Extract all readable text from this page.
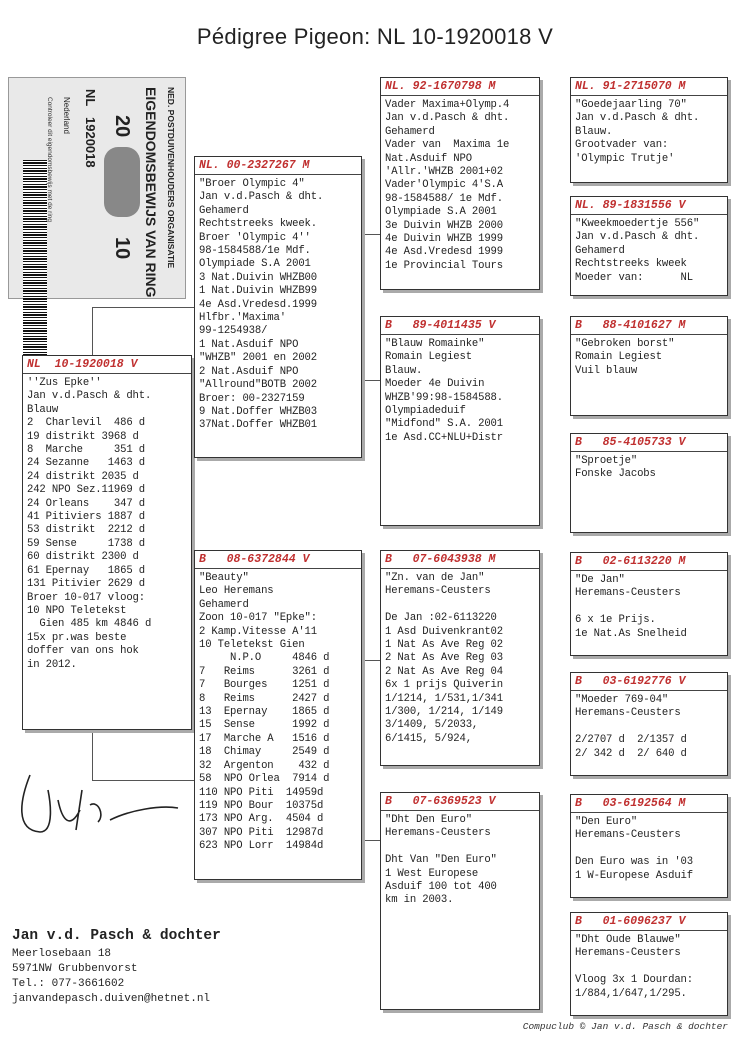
Pédigree Pigeon: NL 10-1920018 V
NED. POSTDUIVENHOUDERS ORGANISATIE
EIGENDOMSBEWIJS VAN RING
20
10
NL
1920018
Nederland
Controleer dit eigendomsbewijs met de ring
NL  10-1920018 V
''Zus Epke''
Jan v.d.Pasch & dht.
Blauw
2  Charlevil  486 d
19 distrikt 3968 d
8  Marche     351 d
24 Sezanne   1463 d
24 distrikt 2035 d
242 NPO Sez.11969 d
24 Orleans    347 d
41 Pitiviers 1887 d
53 distrikt  2212 d
59 Sense     1738 d
60 distrikt 2300 d
61 Epernay   1865 d
131 Pitivier 2629 d
Broer 10-017 vloog:
10 NPO Teletekst
Gien 485 km 4846 d
15x pr.was beste
doffer van ons hok
in 2012.
NL. 00-2327267 M
"Broer Olympic 4"
Jan v.d.Pasch & dht.
Gehamerd
Rechtstreeks kweek.
Broer 'Olympic 4''
98-1584588/1e Mdf.
Olympiade S.A 2001
3 Nat.Duivin WHZB00
1 Nat.Duivin WHZB99
4e Asd.Vredesd.1999
Hlfbr.'Maxima'
99-1254938/
1 Nat.Asduif NPO
"WHZB" 2001 en 2002
2 Nat.Asduif NPO
"Allround"BOTB 2002
Broer: 00-2327159
9 Nat.Doffer WHZB03
37Nat.Doffer WHZB01
B   08-6372844 V
"Beauty"
Leo Heremans
Gehamerd
Zoon 10-017 "Epke":
2 Kamp.Vitesse A'11
10 Teletekst Gien
N.P.O     4846 d
7   Reims      3261 d
7   Bourges    1251 d
8   Reims      2427 d
13  Epernay    1865 d
15  Sense      1992 d
17  Marche A   1516 d
18  Chimay     2549 d
32  Argenton    432 d
58  NPO Orlea  7914 d
110 NPO Piti  14959d
119 NPO Bour  10375d
173 NPO Arg.  4504 d
307 NPO Piti  12987d
623 NPO Lorr  14984d
NL. 92-1670798 M
Vader Maxima+Olymp.4
Jan v.d.Pasch & dht.
Gehamerd
Vader van  Maxima 1e
Nat.Asduif NPO
'Allr.'WHZB 2001+02
Vader'Olympic 4'S.A
98-1584588/ 1e Mdf.
Olympiade S.A 2001
3e Duivin WHZB 2000
4e Duivin WHZB 1999
4e Asd.Vredesd 1999
1e Provincial Tours
B   89-4011435 V
"Blauw Romainke"
Romain Legiest
Blauw.
Moeder 4e Duivin
WHZB'99:98-1584588.
Olympiadeduif
"Midfond" S.A. 2001
1e Asd.CC+NLU+Distr
B   07-6043938 M
"Zn. van de Jan"
Heremans-Ceusters

De Jan :02-6113220
1 Asd Duivenkrant02
1 Nat As Ave Reg 02
2 Nat As Ave Reg 03
2 Nat As Ave Reg 04
6x 1 prijs Quiverin
1/1214, 1/531,1/341
1/300, 1/214, 1/149
3/1409, 5/2033,
6/1415, 5/924,
B   07-6369523 V
"Dht Den Euro"
Heremans-Ceusters

Dht Van "Den Euro"
1 West Europese
Asduif 100 tot 400
km in 2003.
NL. 91-2715070 M
"Goedejaarling 70"
Jan v.d.Pasch & dht.
Blauw.
Grootvader van:
'Olympic Trutje'
NL. 89-1831556 V
"Kweekmoedertje 556"
Jan v.d.Pasch & dht.
Gehamerd
Rechtstreeks kweek
Moeder van:      NL
B   88-4101627 M
"Gebroken borst"
Romain Legiest
Vuil blauw
B   85-4105733 V
"Sproetje"
Fonske Jacobs
B   02-6113220 M
"De Jan"
Heremans-Ceusters

6 x 1e Prijs.
1e Nat.As Snelheid
B   03-6192776 V
"Moeder 769-04"
Heremans-Ceusters

2/2707 d  2/1357 d
2/ 342 d  2/ 640 d
B   03-6192564 M
"Den Euro"
Heremans-Ceusters

Den Euro was in '03
1 W-Europese Asduif
B   01-6096237 V
"Dht Oude Blauwe"
Heremans-Ceusters

Vloog 3x 1 Dourdan:
1/884,1/647,1/295.
Jan v.d. Pasch & dochter
Meerlosebaan 18
5971NW Grubbenvorst
Tel.: 077-3661602
janvandepasch.duiven@hetnet.nl
Compuclub © Jan v.d. Pasch & dochter
